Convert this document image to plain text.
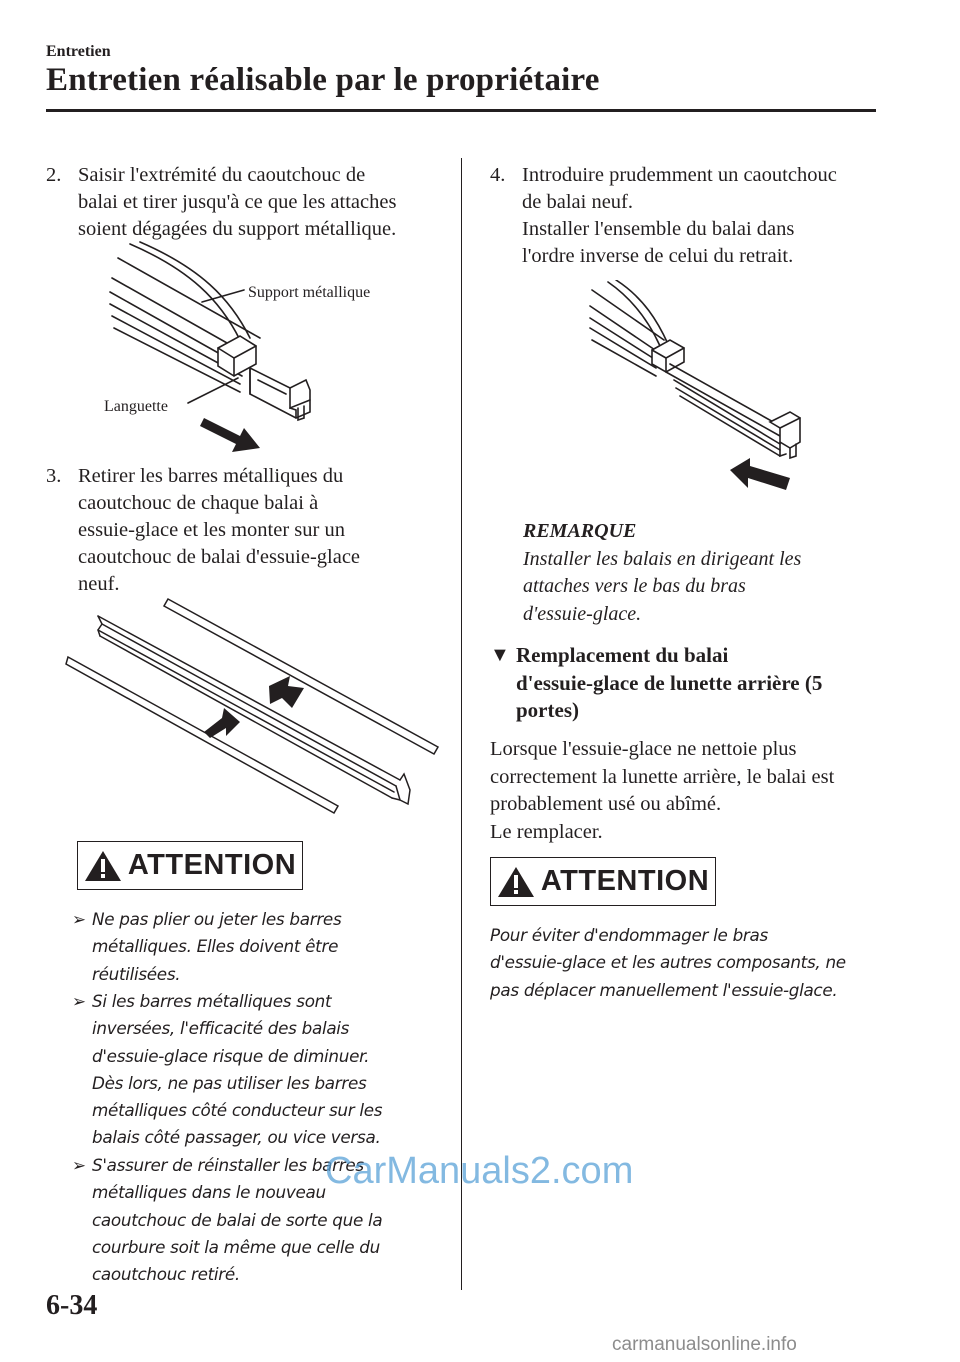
Entretien
Entretien réalisable par le propriétaire
2. Saisir l'extrémité du caoutchouc de
balai et tirer jusqu'à ce que les attaches
soient dégagées du support métallique.
Support métallique
Languette
3. Retirer les barres métalliques du
caoutchouc de chaque balai à
essuie-glace et les monter sur un
caoutchouc de balai d'essuie-glace
neuf.
ATTENTION
➢ Ne pas plier ou jeter les barres
métalliques. Elles doivent être
réutilisées.
➢ Si les barres métalliques sont
inversées, l'efficacité des balais
d'essuie-glace risque de diminuer.
Dès lors, ne pas utiliser les barres
métalliques côté conducteur sur les
balais côté passager, ou vice versa.
➢ S'assurer de réinstaller les barres
métalliques dans le nouveau
caoutchouc de balai de sorte que la
courbure soit la même que celle du
caoutchouc retiré.
4. Introduire prudemment un caoutchouc
de balai neuf.
Installer l'ensemble du balai dans
l'ordre inverse de celui du retrait.
REMARQUE
Installer les balais en dirigeant les
attaches vers le bas du bras
d'essuie-glace.
▼ Remplacement du balai
d'essuie-glace de lunette arrière (5
portes)
Lorsque l'essuie-glace ne nettoie plus
correctement la lunette arrière, le balai est
probablement usé ou abîmé.
Le remplacer.
ATTENTION
Pour éviter d'endommager le bras
d'essuie-glace et les autres composants, ne
pas déplacer manuellement l'essuie-glace.
6-34
CarManuals2.com
carmanualsonline.info
